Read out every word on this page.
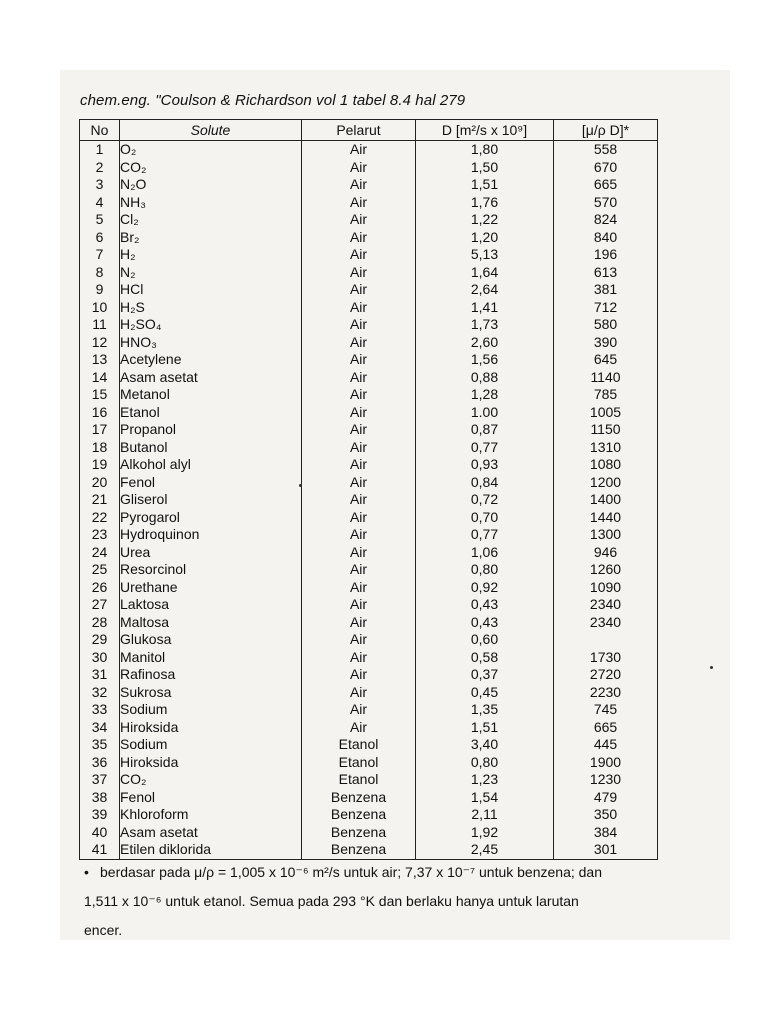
chem.eng. "Coulson & Richardson vol 1 tabel 8.4 hal 279
No	Solute	Pelarut	D [m²/s x 10⁹]	[μ/ρ D]*
1	O₂	Air	1,80	558
2	CO₂	Air	1,50	670
3	N₂O	Air	1,51	665
4	NH₃	Air	1,76	570
5	Cl₂	Air	1,22	824
6	Br₂	Air	1,20	840
7	H₂	Air	5,13	196
8	N₂	Air	1,64	613
9	HCl	Air	2,64	381
10	H₂S	Air	1,41	712
11	H₂SO₄	Air	1,73	580
12	HNO₃	Air	2,60	390
13	Acetylene	Air	1,56	645
14	Asam asetat	Air	0,88	1140
15	Metanol	Air	1,28	785
16	Etanol	Air	1.00	1005
17	Propanol	Air	0,87	1150
18	Butanol	Air	0,77	1310
19	Alkohol alyl	Air	0,93	1080
20	Fenol	Air	0,84	1200
21	Gliserol	Air	0,72	1400
22	Pyrogarol	Air	0,70	1440
23	Hydroquinon	Air	0,77	1300
24	Urea	Air	1,06	946
25	Resorcinol	Air	0,80	1260
26	Urethane	Air	0,92	1090
27	Laktosa	Air	0,43	2340
28	Maltosa	Air	0,43	2340
29	Glukosa	Air	0,60	
30	Manitol	Air	0,58	1730
31	Rafinosa	Air	0,37	2720
32	Sukrosa	Air	0,45	2230
33	Sodium	Air	1,35	745
34	Hiroksida	Air	1,51	665
35	Sodium	Etanol	3,40	445
36	Hiroksida	Etanol	0,80	1900
37	CO₂	Etanol	1,23	1230
38	Fenol	Benzena	1,54	479
39	Khloroform	Benzena	2,11	350
40	Asam asetat	Benzena	1,92	384
41	Etilen diklorida	Benzena	2,45	301
• berdasar pada μ/ρ = 1,005 x 10⁻⁶ m²/s untuk air; 7,37 x 10⁻⁷ untuk benzena; dan
1,511 x 10⁻⁶ untuk etanol. Semua pada 293 °K dan berlaku hanya untuk larutan
encer.
